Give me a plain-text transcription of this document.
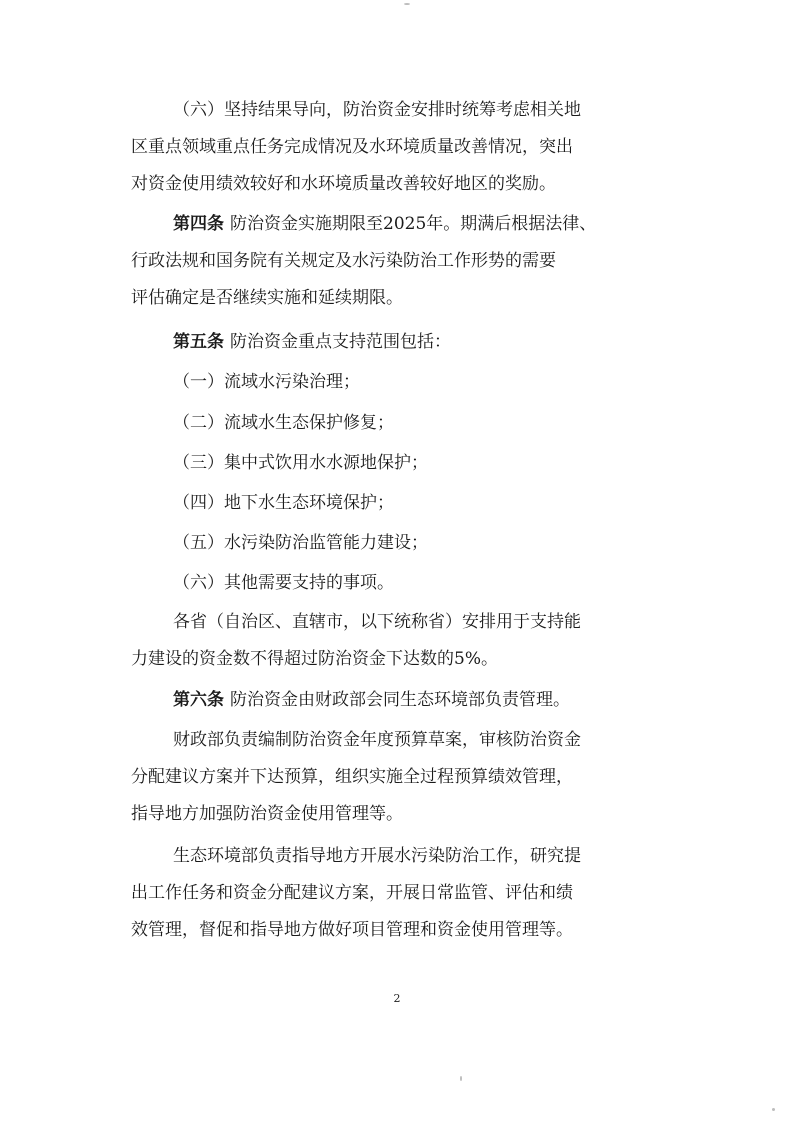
（六）坚持结果导向，防治资金安排时统筹考虑相关地
区重点领域重点任务完成情况及水环境质量改善情况，突出
对资金使用绩效较好和水环境质量改善较好地区的奖励。

第四条 防治资金实施期限至2025年。期满后根据法律、
行政法规和国务院有关规定及水污染防治工作形势的需要
评估确定是否继续实施和延续期限。

第五条 防治资金重点支持范围包括：

（一）流域水污染治理；

（二）流域水生态保护修复；

（三）集中式饮用水水源地保护；

（四）地下水生态环境保护；

（五）水污染防治监管能力建设；

（六）其他需要支持的事项。

各省（自治区、直辖市，以下统称省）安排用于支持能
力建设的资金数不得超过防治资金下达数的5%。

第六条 防治资金由财政部会同生态环境部负责管理。

财政部负责编制防治资金年度预算草案，审核防治资金
分配建议方案并下达预算，组织实施全过程预算绩效管理，
指导地方加强防治资金使用管理等。

生态环境部负责指导地方开展水污染防治工作，研究提
出工作任务和资金分配建议方案，开展日常监管、评估和绩
效管理，督促和指导地方做好项目管理和资金使用管理等。

2
